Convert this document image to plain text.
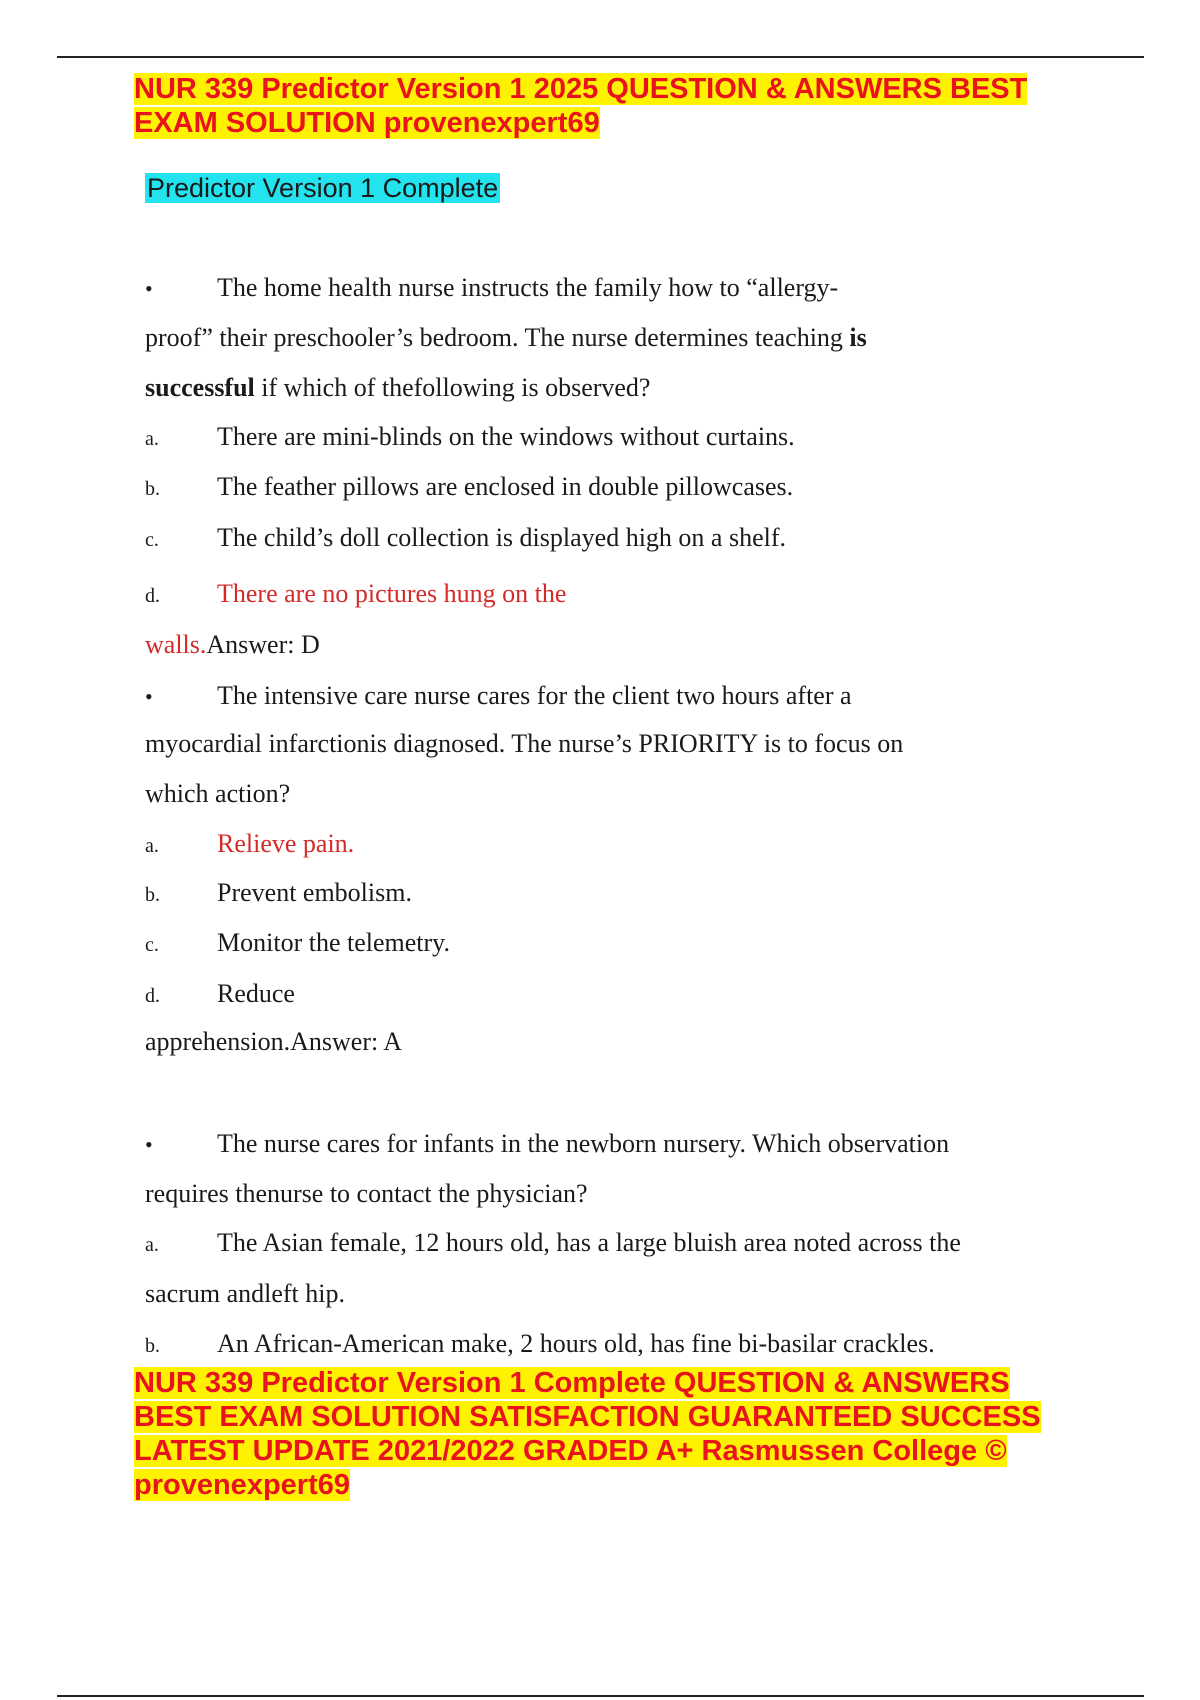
NUR 339 Predictor Version 1 2025 QUESTION & ANSWERS BEST
EXAM SOLUTION provenexpert69
Predictor Version 1 Complete
• The home health nurse instructs the family how to “allergy-
proof” their preschooler’s bedroom. The nurse determines teaching is
successful if which of thefollowing is observed?
a. There are mini-blinds on the windows without curtains.
b. The feather pillows are enclosed in double pillowcases.
c. The child’s doll collection is displayed high on a shelf.
d. There are no pictures hung on the
walls.Answer: D
• The intensive care nurse cares for the client two hours after a
myocardial infarctionis diagnosed. The nurse’s PRIORITY is to focus on
which action?
a. Relieve pain.
b. Prevent embolism.
c. Monitor the telemetry.
d. Reduce
apprehension.Answer: A
• The nurse cares for infants in the newborn nursery. Which observation
requires thenurse to contact the physician?
a. The Asian female, 12 hours old, has a large bluish area noted across the
sacrum andleft hip.
b. An African-American make, 2 hours old, has fine bi-basilar crackles.
NUR 339 Predictor Version 1 Complete QUESTION & ANSWERS
BEST EXAM SOLUTION SATISFACTION GUARANTEED SUCCESS
LATEST UPDATE 2021/2022 GRADED A+ Rasmussen College ©
provenexpert69
